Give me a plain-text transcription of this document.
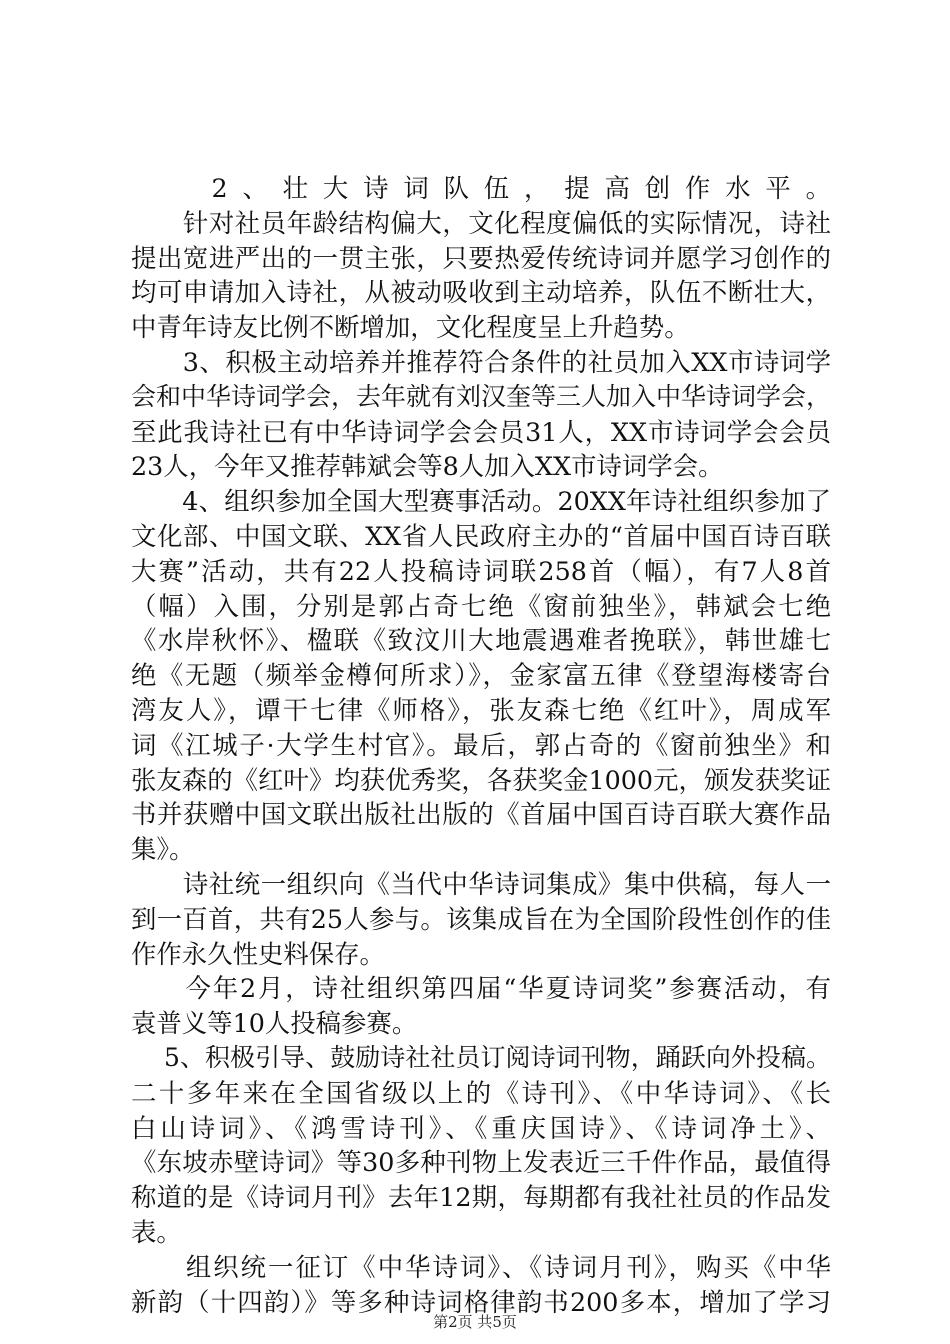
　　2、壮大诗词队伍，提高创作水平。
　　针对社员年龄结构偏大，文化程度偏低的实际情况，诗社
提出宽进严出的一贯主张，只要热爱传统诗词并愿学习创作的
均可申请加入诗社，从被动吸收到主动培养，队伍不断壮大，
中青年诗友比例不断增加，文化程度呈上升趋势。
　　3、积极主动培养并推荐符合条件的社员加入XX市诗词学
会和中华诗词学会，去年就有刘汉奎等三人加入中华诗词学会，
至此我诗社已有中华诗词学会会员31人，XX市诗词学会会员
23人，今年又推荐韩斌会等8人加入XX市诗词学会。
　　4、组织参加全国大型赛事活动。20XX年诗社组织参加了
文化部、中国文联、XX省人民政府主办的“首届中国百诗百联
大赛”活动，共有22人投稿诗词联258首（幅），有7人8首
（幅）入围，分别是郭占奇七绝《窗前独坐》，韩斌会七绝
《水岸秋怀》、楹联《致汶川大地震遇难者挽联》，韩世雄七
绝《无题（频举金樽何所求）》，金家富五律《登望海楼寄台
湾友人》，谭干七律《师格》，张友森七绝《红叶》，周成军
词《江城子·大学生村官》。最后，郭占奇的《窗前独坐》和
张友森的《红叶》均获优秀奖，各获奖金1000元，颁发获奖证
书并获赠中国文联出版社出版的《首届中国百诗百联大赛作品
集》。
　　诗社统一组织向《当代中华诗词集成》集中供稿，每人一
到一百首，共有25人参与。该集成旨在为全国阶段性创作的佳
作作永久性史料保存。
　　今年2月，诗社组织第四届“华夏诗词奖”参赛活动，有
袁普义等10人投稿参赛。
　 5、积极引导、鼓励诗社社员订阅诗词刊物，踊跃向外投稿。
二十多年来在全国省级以上的《诗刊》、《中华诗词》、《长
白山诗词》、《鸿雪诗刊》、《重庆国诗》、《诗词净土》、
《东坡赤壁诗词》等30多种刊物上发表近三千件作品，最值得
称道的是《诗词月刊》去年12期，每期都有我社社员的作品发
表。
　　组织统一征订《中华诗词》、《诗词月刊》，购买《中华
新韵（十四韵）》等多种诗词格律韵书200多本，增加了学习
第2页 共5页
